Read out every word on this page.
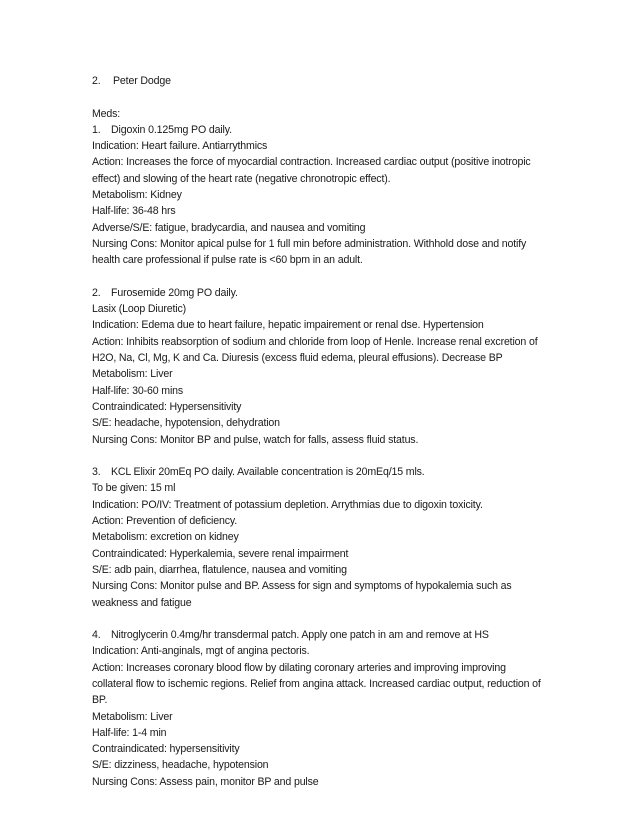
2. Peter Dodge
Meds:
1. Digoxin 0.125mg PO daily.
Indication: Heart failure. Antiarrythmics
Action: Increases the force of myocardial contraction. Increased cardiac output (positive inotropic
effect) and slowing of the heart rate (negative chronotropic effect).
Metabolism: Kidney
Half-life: 36-48 hrs
Adverse/S/E: fatigue, bradycardia, and nausea and vomiting
Nursing Cons: Monitor apical pulse for 1 full min before administration. Withhold dose and notify
health care professional if pulse rate is <60 bpm in an adult.
2. Furosemide 20mg PO daily.
Lasix (Loop Diuretic)
Indication: Edema due to heart failure, hepatic impairement or renal dse. Hypertension
Action: Inhibits reabsorption of sodium and chloride from loop of Henle. Increase renal excretion of
H2O, Na, Cl, Mg, K and Ca. Diuresis (excess fluid edema, pleural effusions). Decrease BP
Metabolism: Liver
Half-life: 30-60 mins
Contraindicated: Hypersensitivity
S/E: headache, hypotension, dehydration
Nursing Cons: Monitor BP and pulse, watch for falls, assess fluid status.
3. KCL Elixir 20mEq PO daily. Available concentration is 20mEq/15 mls.
To be given: 15 ml
Indication: PO/IV: Treatment of potassium depletion. Arrythmias due to digoxin toxicity.
Action: Prevention of deficiency.
Metabolism: excretion on kidney
Contraindicated: Hyperkalemia, severe renal impairment
S/E: adb pain, diarrhea, flatulence, nausea and vomiting
Nursing Cons: Monitor pulse and BP. Assess for sign and symptoms of hypokalemia such as
weakness and fatigue
4. Nitroglycerin 0.4mg/hr transdermal patch. Apply one patch in am and remove at HS
Indication: Anti-anginals, mgt of angina pectoris.
Action: Increases coronary blood flow by dilating coronary arteries and improving improving
collateral flow to ischemic regions. Relief from angina attack. Increased cardiac output, reduction of
BP.
Metabolism: Liver
Half-life: 1-4 min
Contraindicated: hypersensitivity
S/E: dizziness, headache, hypotension
Nursing Cons: Assess pain, monitor BP and pulse
